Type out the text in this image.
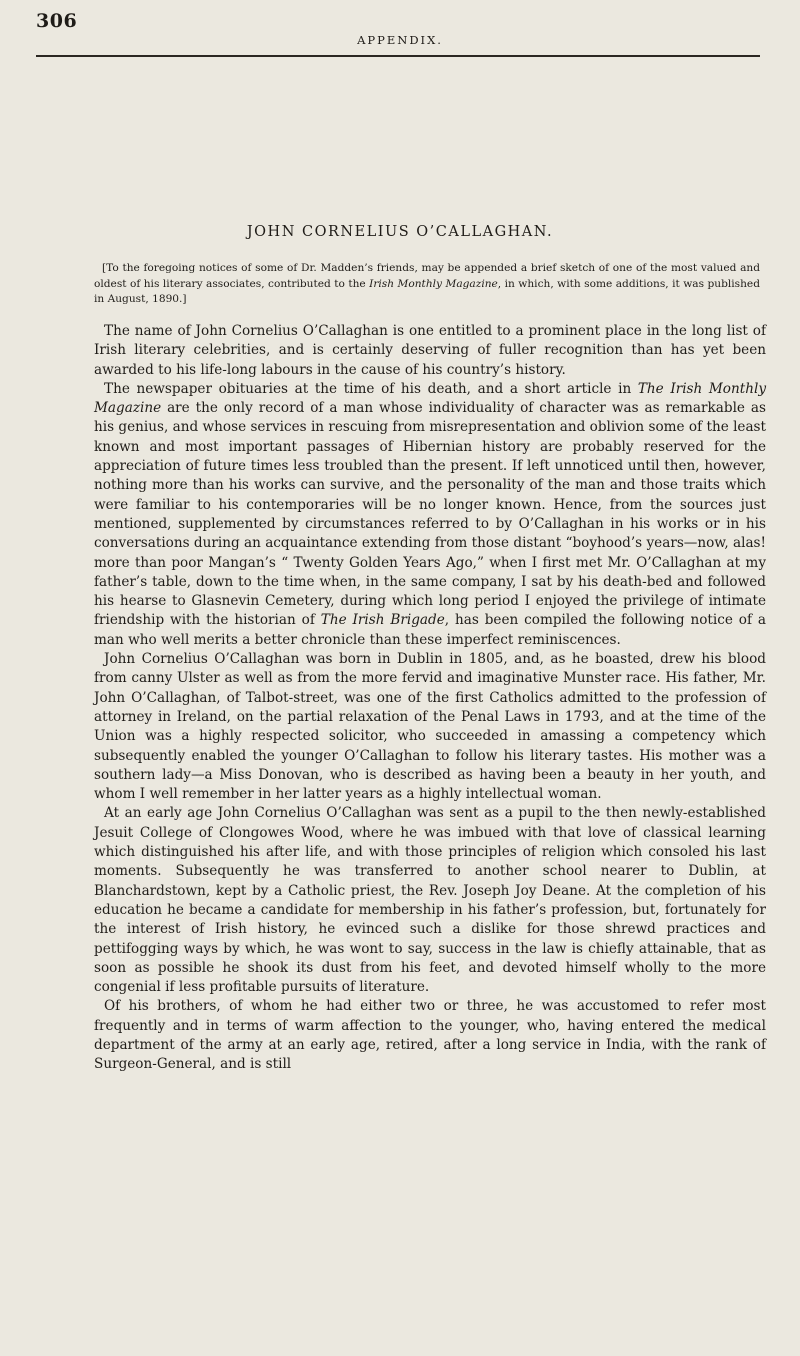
306
APPENDIX.
JOHN CORNELIUS O’CALLAGHAN.
[To the foregoing notices of some of Dr. Madden’s friends, may be appended a brief sketch of one of the most valued and oldest of his literary associates, contributed to the Irish Monthly Magazine, in which, with some additions, it was published in August, 1890.]

The name of John Cornelius O’Callaghan is one entitled to a prominent place in the long list of Irish literary celebrities, and is certainly deserving of fuller recognition than has yet been awarded to his life-long labours in the cause of his country’s history.

The newspaper obituaries at the time of his death, and a short article in The Irish Monthly Magazine are the only record of a man whose individuality of character was as remarkable as his genius, and whose services in rescuing from misrepresentation and oblivion some of the least known and most important passages of Hibernian history are probably reserved for the appreciation of future times less troubled than the present. If left unnoticed until then, however, nothing more than his works can survive, and the personality of the man and those traits which were familiar to his contemporaries will be no longer known. Hence, from the sources just mentioned, supplemented by circumstances referred to by O’Callaghan in his works or in his conversations during an acquaintance extending from those distant “boyhood’s years—now, alas! more than poor Mangan’s “ Twenty Golden Years Ago,” when I first met Mr. O’Callaghan at my father’s table, down to the time when, in the same company, I sat by his death-bed and followed his hearse to Glasnevin Cemetery, during which long period I enjoyed the privilege of intimate friendship with the historian of The Irish Brigade, has been compiled the following notice of a man who well merits a better chronicle than these imperfect reminiscences.

John Cornelius O’Callaghan was born in Dublin in 1805, and, as he boasted, drew his blood from canny Ulster as well as from the more fervid and imaginative Munster race. His father, Mr. John O’Callaghan, of Talbot-street, was one of the first Catholics admitted to the profession of attorney in Ireland, on the partial relaxation of the Penal Laws in 1793, and at the time of the Union was a highly respected solicitor, who succeeded in amassing a competency which subsequently enabled the younger O’Callaghan to follow his literary tastes. His mother was a southern lady—a Miss Donovan, who is described as having been a beauty in her youth, and whom I well remember in her latter years as a highly intellectual woman.

At an early age John Cornelius O’Callaghan was sent as a pupil to the then newly-established Jesuit College of Clongowes Wood, where he was imbued with that love of classical learning which distinguished his after life, and with those principles of religion which consoled his last moments. Subsequently he was transferred to another school nearer to Dublin, at Blanchardstown, kept by a Catholic priest, the Rev. Joseph Joy Deane. At the completion of his education he became a candidate for membership in his father’s profession, but, fortunately for the interest of Irish history, he evinced such a dislike for those shrewd practices and pettifogging ways by which, he was wont to say, success in the law is chiefly attainable, that as soon as possible he shook its dust from his feet, and devoted himself wholly to the more congenial if less profitable pursuits of literature.

Of his brothers, of whom he had either two or three, he was accustomed to refer most frequently and in terms of warm affection to the younger, who, having entered the medical department of the army at an early age, retired, after a long service in India, with the rank of Surgeon-General, and is still
